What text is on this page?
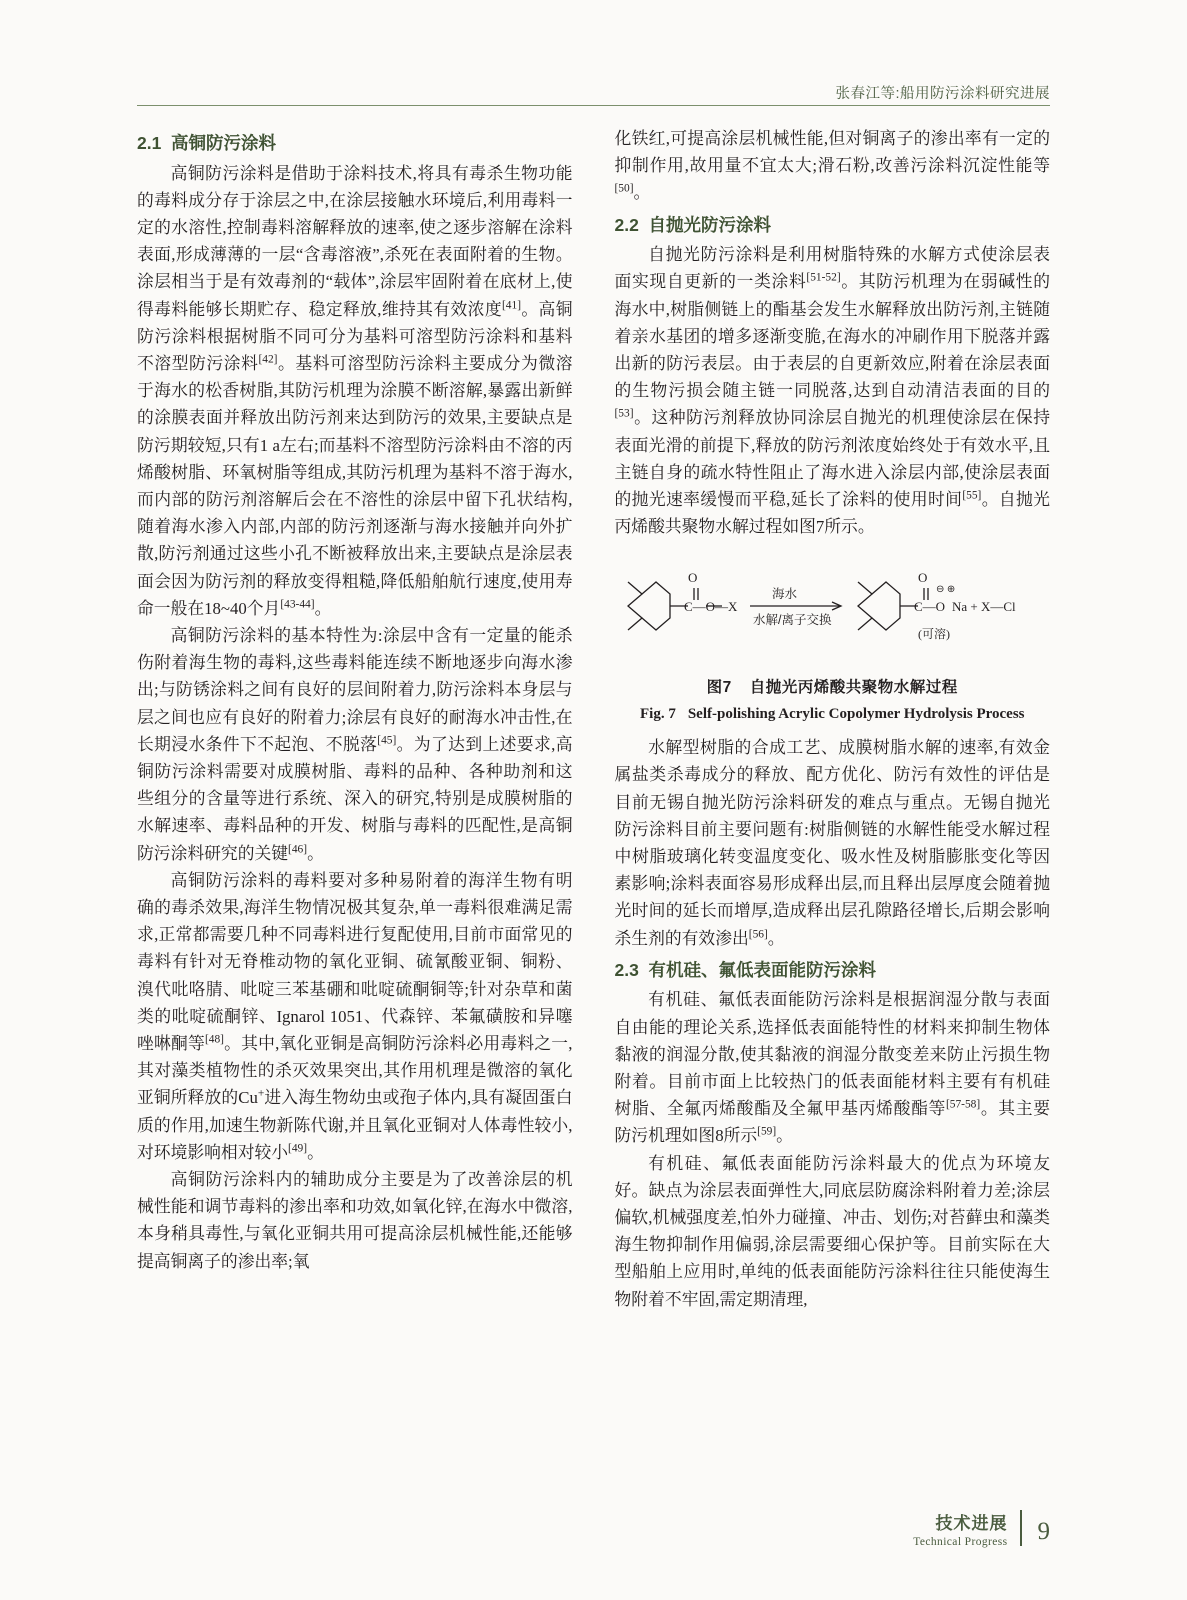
张春江等:船用防污涂料研究进展
2.1 高铜防污涂料

高铜防污涂料是借助于涂料技术,将具有毒杀生物功能的毒料成分存于涂层之中,在涂层接触水环境后,利用毒料一定的水溶性,控制毒料溶解释放的速率,使之逐步溶解在涂料表面,形成薄薄的一层“含毒溶液”,杀死在表面附着的生物。涂层相当于是有效毒剂的“载体”,涂层牢固附着在底材上,使得毒料能够长期贮存、稳定释放,维持其有效浓度[41]。高铜防污涂料根据树脂不同可分为基料可溶型防污涂料和基料不溶型防污涂料[42]。基料可溶型防污涂料主要成分为微溶于海水的松香树脂,其防污机理为涂膜不断溶解,暴露出新鲜的涂膜表面并释放出防污剂来达到防污的效果,主要缺点是防污期较短,只有1 a左右;而基料不溶型防污涂料由不溶的丙烯酸树脂、环氧树脂等组成,其防污机理为基料不溶于海水,而内部的防污剂溶解后会在不溶性的涂层中留下孔状结构,随着海水渗入内部,内部的防污剂逐渐与海水接触并向外扩散,防污剂通过这些小孔不断被释放出来,主要缺点是涂层表面会因为防污剂的释放变得粗糙,降低船舶航行速度,使用寿命一般在18~40个月[43-44]。

高铜防污涂料的基本特性为:涂层中含有一定量的能杀伤附着海生物的毒料,这些毒料能连续不断地逐步向海水渗出;与防锈涂料之间有良好的层间附着力,防污涂料本身层与层之间也应有良好的附着力;涂层有良好的耐海水冲击性,在长期浸水条件下不起泡、不脱落[45]。为了达到上述要求,高铜防污涂料需要对成膜树脂、毒料的品种、各种助剂和这些组分的含量等进行系统、深入的研究,特别是成膜树脂的水解速率、毒料品种的开发、树脂与毒料的匹配性,是高铜防污涂料研究的关键[46]。

高铜防污涂料的毒料要对多种易附着的海洋生物有明确的毒杀效果,海洋生物情况极其复杂,单一毒料很难满足需求,正常都需要几种不同毒料进行复配使用,目前市面常见的毒料有针对无脊椎动物的氧化亚铜、硫氰酸亚铜、铜粉、溴代吡咯腈、吡啶三苯基硼和吡啶硫酮铜等;针对杂草和菌类的吡啶硫酮锌、Ignarol 1051、代森锌、苯氟磺胺和异噻唑啉酮等[48]。其中,氧化亚铜是高铜防污涂料必用毒料之一,其对藻类植物性的杀灭效果突出,其作用机理是微溶的氧化亚铜所释放的Cu+进入海生物幼虫或孢子体内,具有凝固蛋白质的作用,加速生物新陈代谢,并且氧化亚铜对人体毒性较小,对环境影响相对较小[49]。

高铜防污涂料内的辅助成分主要是为了改善涂层的机械性能和调节毒料的渗出率和功效,如氧化锌,在海水中微溶,本身稍具毒性,与氧化亚铜共用可提高涂层机械性能,还能够提高铜离子的渗出率;氧

化铁红,可提高涂层机械性能,但对铜离子的渗出率有一定的抑制作用,故用量不宜太大;滑石粉,改善污涂料沉淀性能等[50]。

2.2 自抛光防污涂料

自抛光防污涂料是利用树脂特殊的水解方式使涂层表面实现自更新的一类涂料[51-52]。其防污机理为在弱碱性的海水中,树脂侧链上的酯基会发生水解释放出防污剂,主链随着亲水基团的增多逐渐变脆,在海水的冲刷作用下脱落并露出新的防污表层。由于表层的自更新效应,附着在涂层表面的生物污损会随主链一同脱落,达到自动清洁表面的目的[53]。这种防污剂释放协同涂层自抛光的机理使涂层在保持表面光滑的前提下,释放的防污剂浓度始终处于有效水平,且主链自身的疏水特性阻止了海水进入涂层内部,使涂层表面的抛光速率缓慢而平稳,延长了涂料的使用时间[55]。自抛光丙烯酸共聚物水解过程如图7所示。

O
C—O—X
O
C—O Na + X—Cl
⊖ ⊕
(可溶)
海水
水解/离子交换
图7 自抛光丙烯酸共聚物水解过程
Fig. 7 Self-polishing Acrylic Copolymer Hydrolysis Process

水解型树脂的合成工艺、成膜树脂水解的速率,有效金属盐类杀毒成分的释放、配方优化、防污有效性的评估是目前无锡自抛光防污涂料研发的难点与重点。无锡自抛光防污涂料目前主要问题有:树脂侧链的水解性能受水解过程中树脂玻璃化转变温度变化、吸水性及树脂膨胀变化等因素影响;涂料表面容易形成释出层,而且释出层厚度会随着抛光时间的延长而增厚,造成释出层孔隙路径增长,后期会影响杀生剂的有效渗出[56]。

2.3 有机硅、氟低表面能防污涂料

有机硅、氟低表面能防污涂料是根据润湿分散与表面自由能的理论关系,选择低表面能特性的材料来抑制生物体黏液的润湿分散,使其黏液的润湿分散变差来防止污损生物附着。目前市面上比较热门的低表面能材料主要有有机硅树脂、全氟丙烯酸酯及全氟甲基丙烯酸酯等[57-58]。其主要防污机理如图8所示[59]。

有机硅、氟低表面能防污涂料最大的优点为环境友好。缺点为涂层表面弹性大,同底层防腐涂料附着力差;涂层偏软,机械强度差,怕外力碰撞、冲击、划伤;对苔藓虫和藻类海生物抑制作用偏弱,涂层需要细心保护等。目前实际在大型船舶上应用时,单纯的低表面能防污涂料往往只能使海生物附着不牢固,需定期清理,

技术进展
Technical Progress 9
